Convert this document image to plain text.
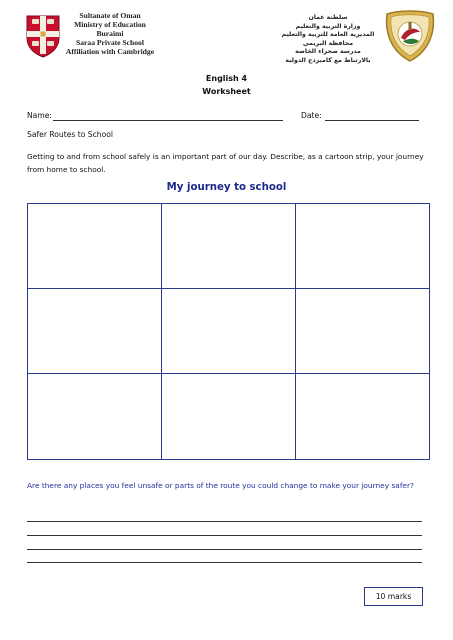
Sultanate of Oman
Ministry of Education
Buraimi
Saraa Private School
Affiliation with Cambridge
سلطنة عمان
وزارة التربية والتعليم
المديرية العامة للتربية والتعليم
محافظة البريمي
مدرسة صحراء الخاصة
بالارتباط مع كامبردج الدولية
English 4
Worksheet
Name:	Date:
Safer Routes to School
Getting to and from school safely is an important part of our day. Describe, as a cartoon strip, your journey from home to school.
My journey to school
Are there any places you feel unsafe or parts of the route you could change to make your journey safer?
10 marks
